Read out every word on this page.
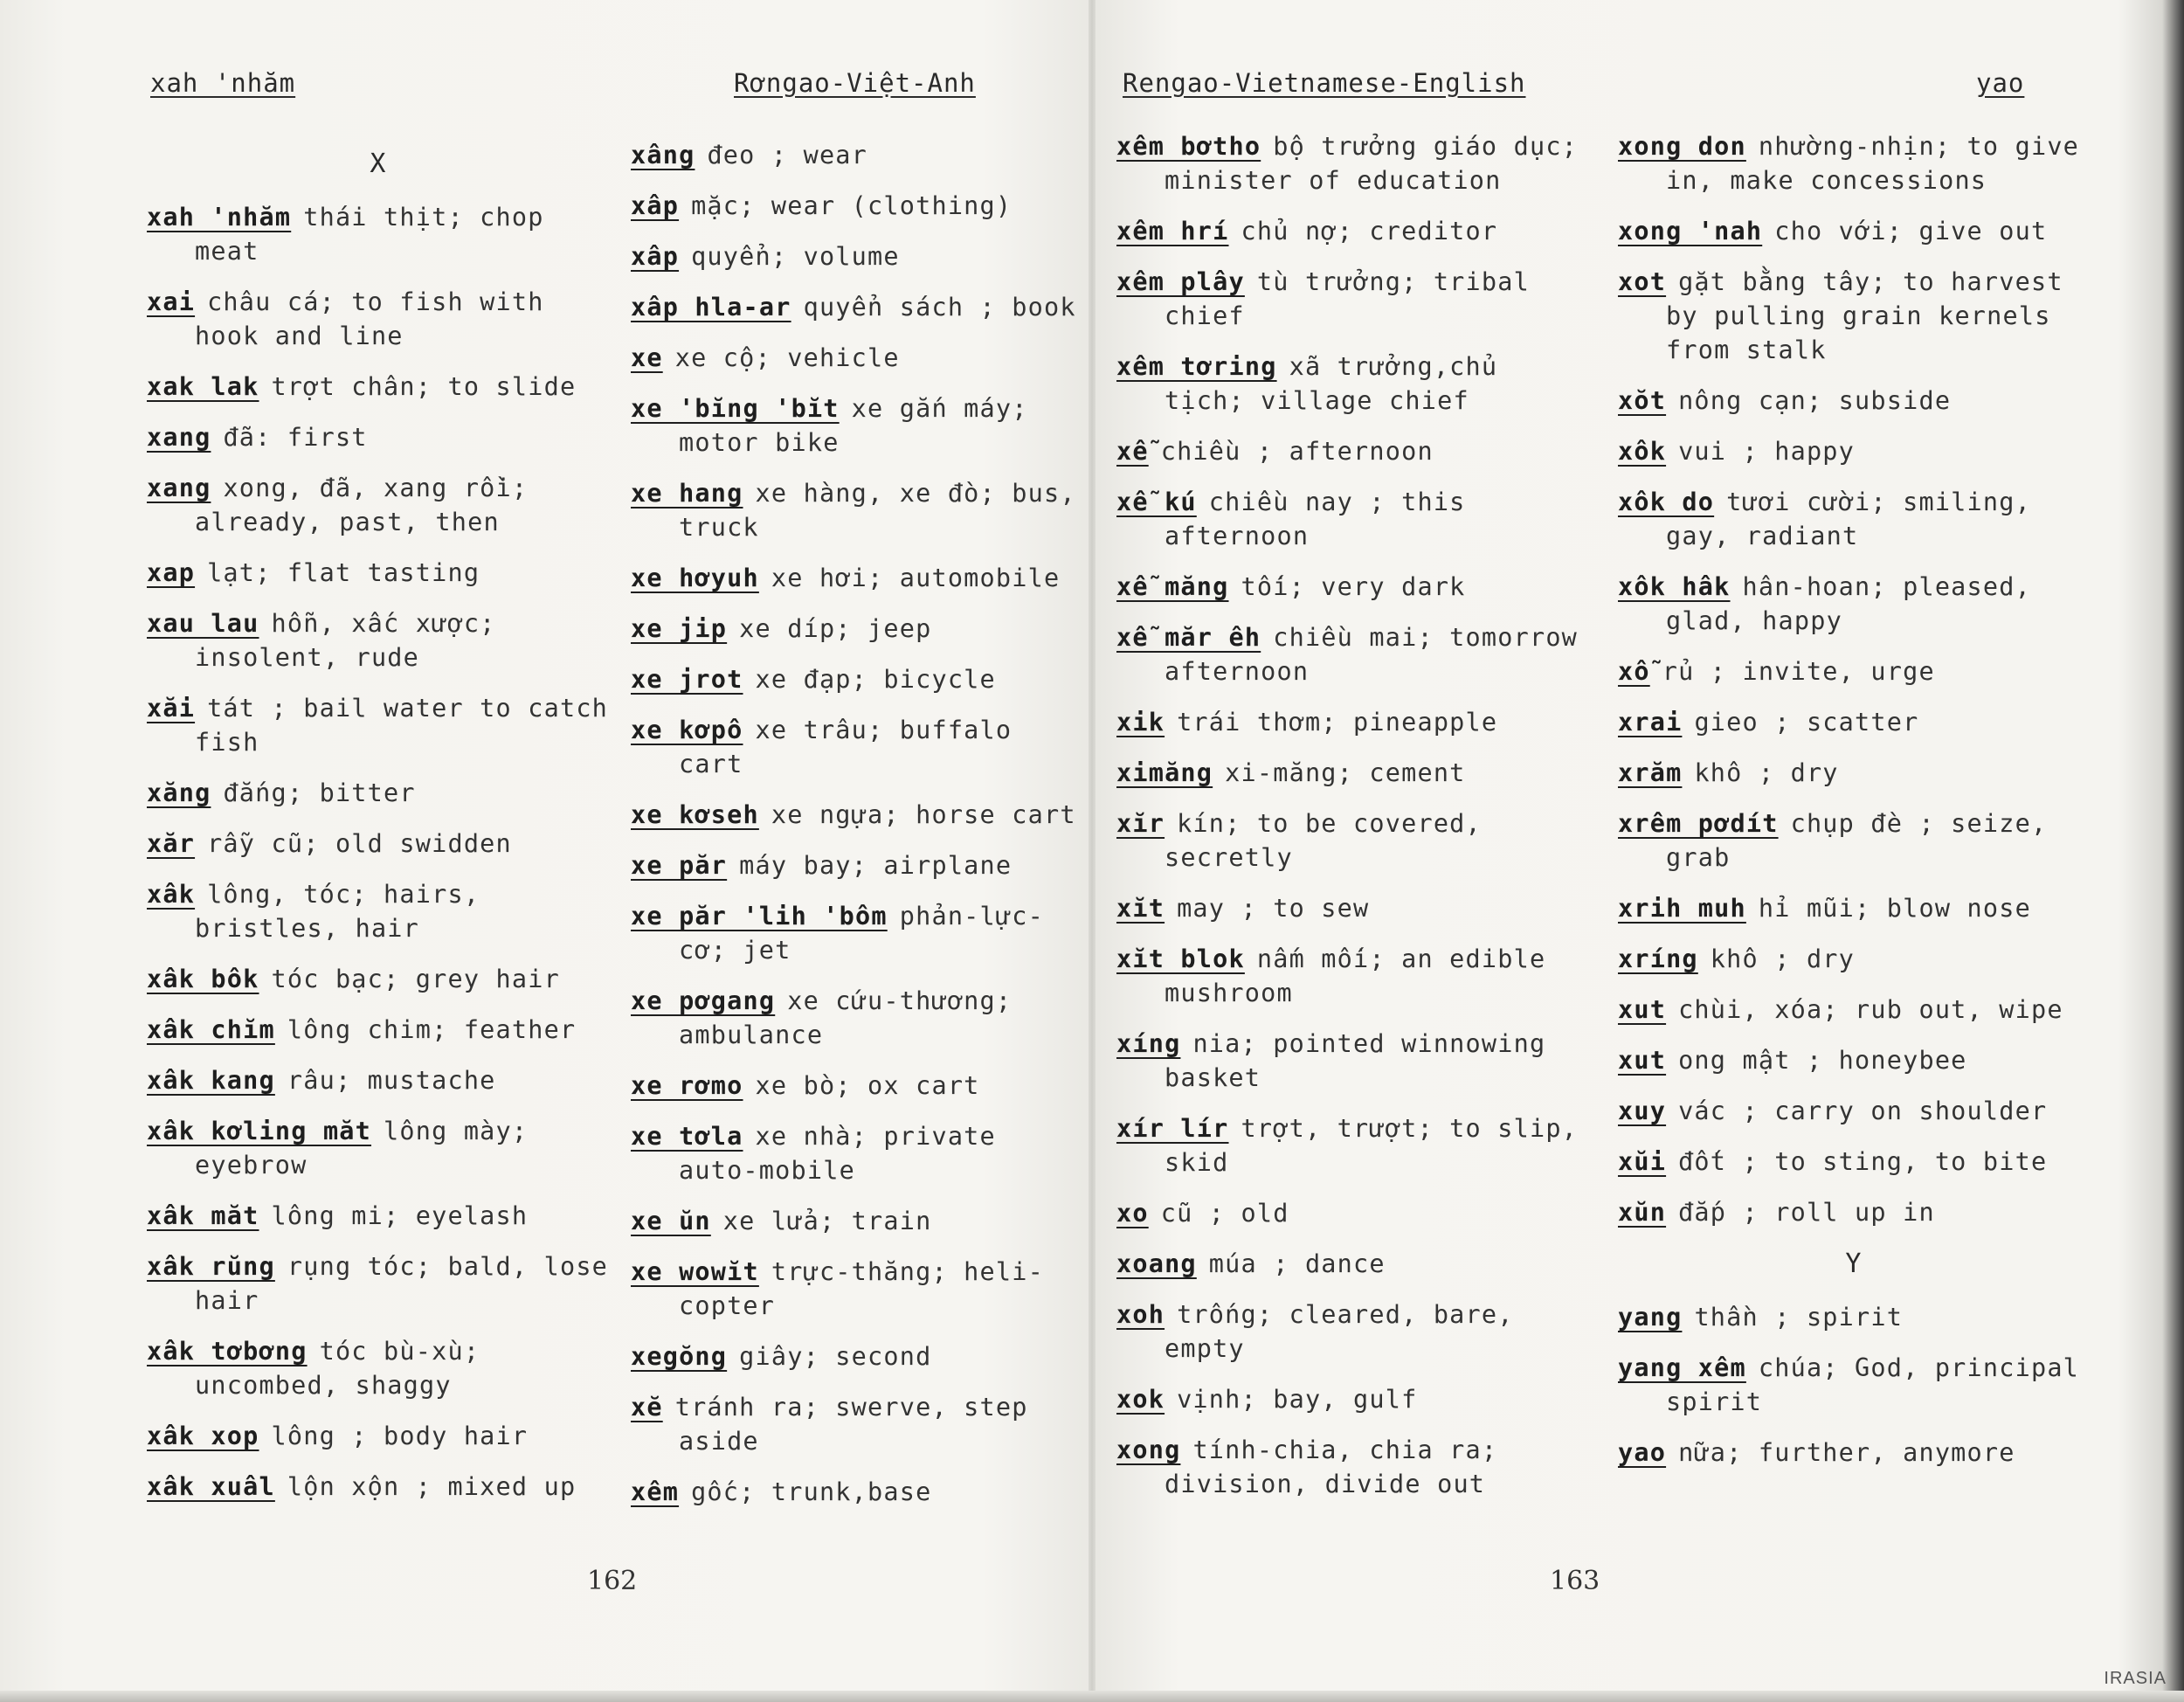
xah 'nhăm	Rơngao-Việt-Anh	Rengao-Vietnamese-English	yao
X
xah 'nhăm thái thịt; chop meat
xai châu cá; to fish with hook and line
xak lak trợt chân; to slide
xang đã: first
xang xong, đã, xang rồi; already, past, then
xap lạt; flat tasting
xau lau hỗn, xấc xược; insolent, rude
xăi tát ; bail water to catch fish
xăng đắng; bitter
xăr rẫy cũ; old swidden
xâk lông, tóc; hairs, bristles, hair
xâk bôk tóc bạc; grey hair
xâk chĭm lông chim; feather
xâk kang râu; mustache
xâk kơling măt lông mày; eyebrow
xâk măt lông mi; eyelash
xâk rŭng rụng tóc; bald, lose hair
xâk tơbơng tóc bù-xù; uncombed, shaggy
xâk xop lông ; body hair
xâk xuâl lộn xộn ; mixed up
xâng đeo ; wear
xâp mặc; wear (clothing)
xâp quyển; volume
xâp hla-ar quyển sách ; book
xe xe cộ; vehicle
xe 'bĭng 'bĭt xe gắn máy; motor bike
xe hang xe hàng, xe đò; bus, truck
xe hơyuh xe hơi; automobile
xe jip xe díp; jeep
xe jrot xe đạp; bicycle
xe kơpô xe trâu; buffalo cart
xe kơseh xe ngựa; horse cart
xe păr máy bay; airplane
xe păr 'lih 'bôm phản-lực-cơ; jet
xe pơgang xe cứu-thương; ambulance
xe rơmo xe bò; ox cart
xe tơla xe nhà; private auto-mobile
xe ŭn xe lửa; train
xe wowĭt trực-thăng; heli-copter
xegŏng giây; second
xĕ tránh ra; swerve, step aside
xêm gốc; trunk,base
xêm bơtho bộ trưởng giáo dục; minister of education
xêm hrí chủ nợ; creditor
xêm plây tù trưởng; tribal chief
xêm tơring xã trưởng,chủ tịch; village chief
xễ chiều ; afternoon
xễ kú chiều nay ; this afternoon
xễ măng tối; very dark
xễ măr êh chiều mai; tomorrow afternoon
xik trái thơm; pineapple
ximăng xi-măng; cement
xĭr kín; to be covered, secretly
xĭt may ; to sew
xĭt blok nấm mối; an edible mushroom
xíng nia; pointed winnowing basket
xír lír trợt, trượt; to slip, skid
xo cũ ; old
xoang múa ; dance
xoh trống; cleared, bare, empty
xok vịnh; bay, gulf
xong tính-chia, chia ra; division, divide out
xong don nhường-nhịn; to give in, make concessions
xong 'nah cho với; give out
xot gặt bằng tây; to harvest by pulling grain kernels from stalk
xŏt nông cạn; subside
xôk vui ; happy
xôk do tươi cười; smiling, gay, radiant
xôk hâk hân-hoan; pleased, glad, happy
xỗ rủ ; invite, urge
xrai gieo ; scatter
xrăm khô ; dry
xrêm pơdít chụp đè ; seize, grab
xrih muh hỉ mũi; blow nose
xríng khô ; dry
xut chùi, xóa; rub out, wipe
xut ong mật ; honeybee
xuy vác ; carry on shoulder
xŭi đốt ; to sting, to bite
xŭn đắp ; roll up in
Y
yang thần ; spirit
yang xêm chúa; God, principal spirit
yao nữa; further, anymore
162	163
IRASIA
